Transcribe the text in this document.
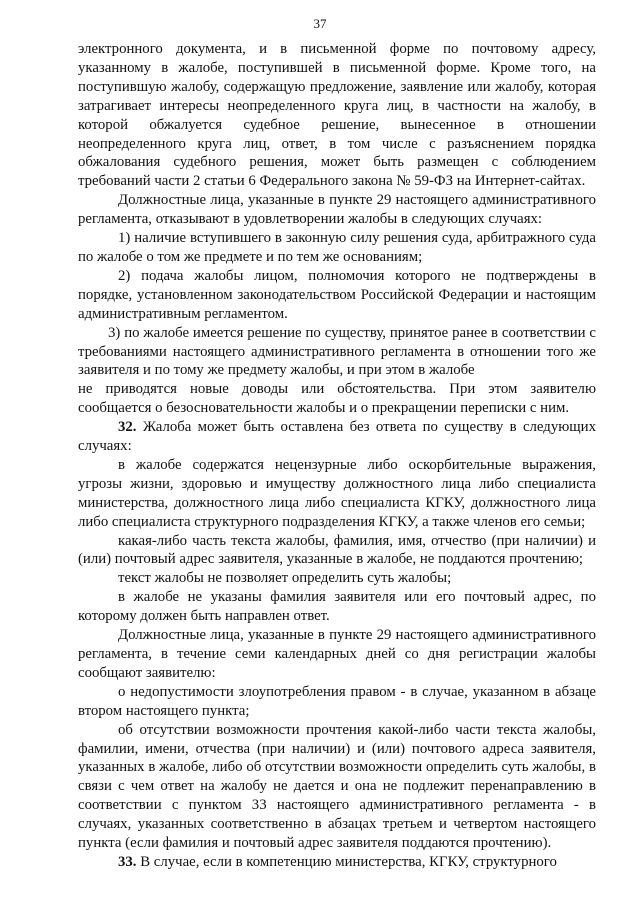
37

электронного документа, и в письменной форме по почтовому адресу, указанному в жалобе, поступившей в письменной форме. Кроме того, на поступившую жалобу, содержащую предложение, заявление или жалобу, которая затрагивает интересы неопределенного круга лиц, в частности на жалобу, в которой обжалуется судебное решение, вынесенное в отношении неопределенного круга лиц, ответ, в том числе с разъяснением порядка обжалования судебного решения, может быть размещен с соблюдением требований части 2 статьи 6 Федерального закона № 59-ФЗ на Интернет-сайтах.

Должностные лица, указанные в пункте 29 настоящего административного регламента, отказывают в удовлетворении жалобы в следующих случаях:

1) наличие вступившего в законную силу решения суда, арбитражного суда по жалобе о том же предмете и по тем же основаниям;

2) подача жалобы лицом, полномочия которого не подтверждены в порядке, установленном законодательством Российской Федерации и настоящим административным регламентом.

3) по жалобе имеется решение по существу, принятое ранее в соответствии с требованиями настоящего административного регламента в отношении того же заявителя и по тому же предмету жалобы, и при этом в жалобе

не приводятся новые доводы или обстоятельства. При этом заявителю сообщается о безосновательности жалобы и о прекращении переписки с ним.

32. Жалоба может быть оставлена без ответа по существу в следующих случаях:

в жалобе содержатся нецензурные либо оскорбительные выражения, угрозы жизни, здоровью и имуществу должностного лица либо специалиста министерства, должностного лица либо специалиста КГКУ, должностного лица либо специалиста структурного подразделения КГКУ, а также членов его семьи;

какая-либо часть текста жалобы, фамилия, имя, отчество (при наличии) и (или) почтовый адрес заявителя, указанные в жалобе, не поддаются прочтению;

текст жалобы не позволяет определить суть жалобы;

в жалобе не указаны фамилия заявителя или его почтовый адрес, по которому должен быть направлен ответ.

Должностные лица, указанные в пункте 29 настоящего административного регламента, в течение семи календарных дней со дня регистрации жалобы сообщают заявителю:

о недопустимости злоупотребления правом - в случае, указанном в абзаце втором настоящего пункта;

об отсутствии возможности прочтения какой-либо части текста жалобы, фамилии, имени, отчества (при наличии) и (или) почтового адреса заявителя, указанных в жалобе, либо об отсутствии возможности определить суть жалобы, в связи с чем ответ на жалобу не дается и она не подлежит перенаправлению в соответствии с пунктом 33 настоящего административного регламента - в случаях, указанных соответственно в абзацах третьем и четвертом настоящего пункта (если фамилия и почтовый адрес заявителя поддаются прочтению).

33. В случае, если в компетенцию министерства, КГКУ, структурного
